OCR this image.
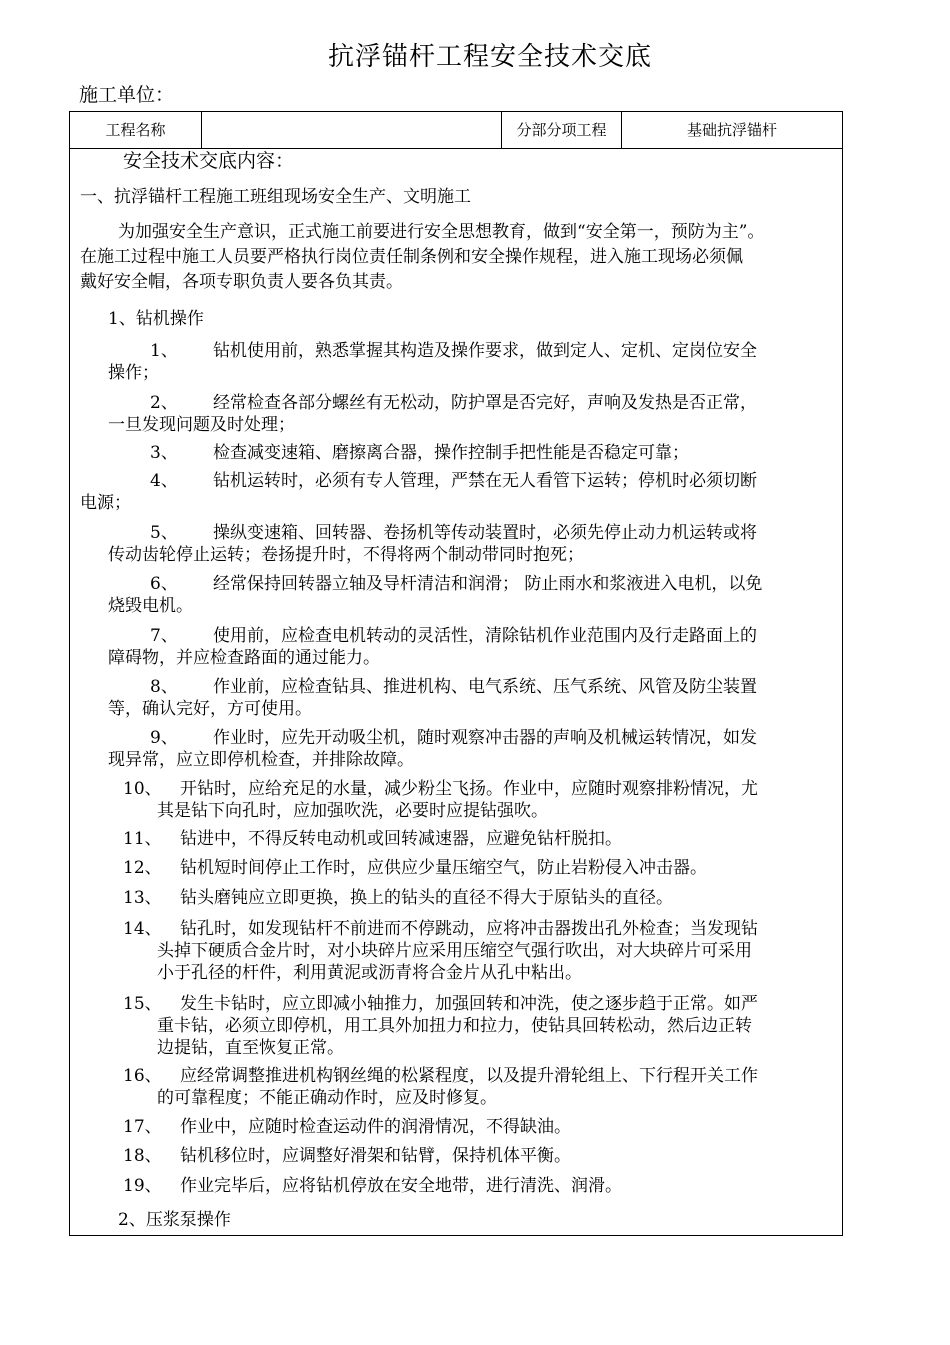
抗浮锚杆工程安全技术交底
施工单位：
工程名称	分部分项工程	基础抗浮锚杆
安全技术交底内容：
一、抗浮锚杆工程施工班组现场安全生产、文明施工
为加强安全生产意识，正式施工前要进行安全思想教育，做到“安全第一，预防为主”。
在施工过程中施工人员要严格执行岗位责任制条例和安全操作规程，进入施工现场必须佩
戴好安全帽，各项专职负责人要各负其责。
1、钻机操作
1、 钻机使用前，熟悉掌握其构造及操作要求，做到定人、定机、定岗位安全
操作；
2、 经常检查各部分螺丝有无松动，防护罩是否完好，声响及发热是否正常，
一旦发现问题及时处理；
3、 检查减变速箱、磨擦离合器，操作控制手把性能是否稳定可靠；
4、 钻机运转时，必须有专人管理，严禁在无人看管下运转；停机时必须切断
电源；
5、 操纵变速箱、回转器、卷扬机等传动装置时，必须先停止动力机运转或将
传动齿轮停止运转；卷扬提升时，不得将两个制动带同时抱死；
6、 经常保持回转器立轴及导杆清洁和润滑； 防止雨水和浆液进入电机，以免
烧毁电机。
7、 使用前，应检查电机转动的灵活性，清除钻机作业范围内及行走路面上的
障碍物，并应检查路面的通过能力。
8、 作业前，应检查钻具、推进机构、电气系统、压气系统、风管及防尘装置
等，确认完好，方可使用。
9、 作业时，应先开动吸尘机，随时观察冲击器的声响及机械运转情况，如发
现异常，应立即停机检查，并排除故障。
10、 开钻时，应给充足的水量，减少粉尘飞扬。作业中，应随时观察排粉情况，尤
其是钻下向孔时，应加强吹洗，必要时应提钻强吹。
11、 钻进中，不得反转电动机或回转减速器，应避免钻杆脱扣。
12、 钻机短时间停止工作时，应供应少量压缩空气，防止岩粉侵入冲击器。
13、 钻头磨钝应立即更换，换上的钻头的直径不得大于原钻头的直径。
14、 钻孔时，如发现钻杆不前进而不停跳动，应将冲击器拨出孔外检查；当发现钻
头掉下硬质合金片时，对小块碎片应采用压缩空气强行吹出，对大块碎片可采用
小于孔径的杆件，利用黄泥或沥青将合金片从孔中粘出。
15、 发生卡钻时，应立即减小轴推力，加强回转和冲洗，使之逐步趋于正常。如严
重卡钻，必须立即停机，用工具外加扭力和拉力，使钻具回转松动，然后边正转
边提钻，直至恢复正常。
16、 应经常调整推进机构钢丝绳的松紧程度，以及提升滑轮组上、下行程开关工作
的可靠程度；不能正确动作时，应及时修复。
17、 作业中，应随时检查运动件的润滑情况，不得缺油。
18、 钻机移位时，应调整好滑架和钻臂，保持机体平衡。
19、 作业完毕后，应将钻机停放在安全地带，进行清洗、润滑。
2、压浆泵操作
